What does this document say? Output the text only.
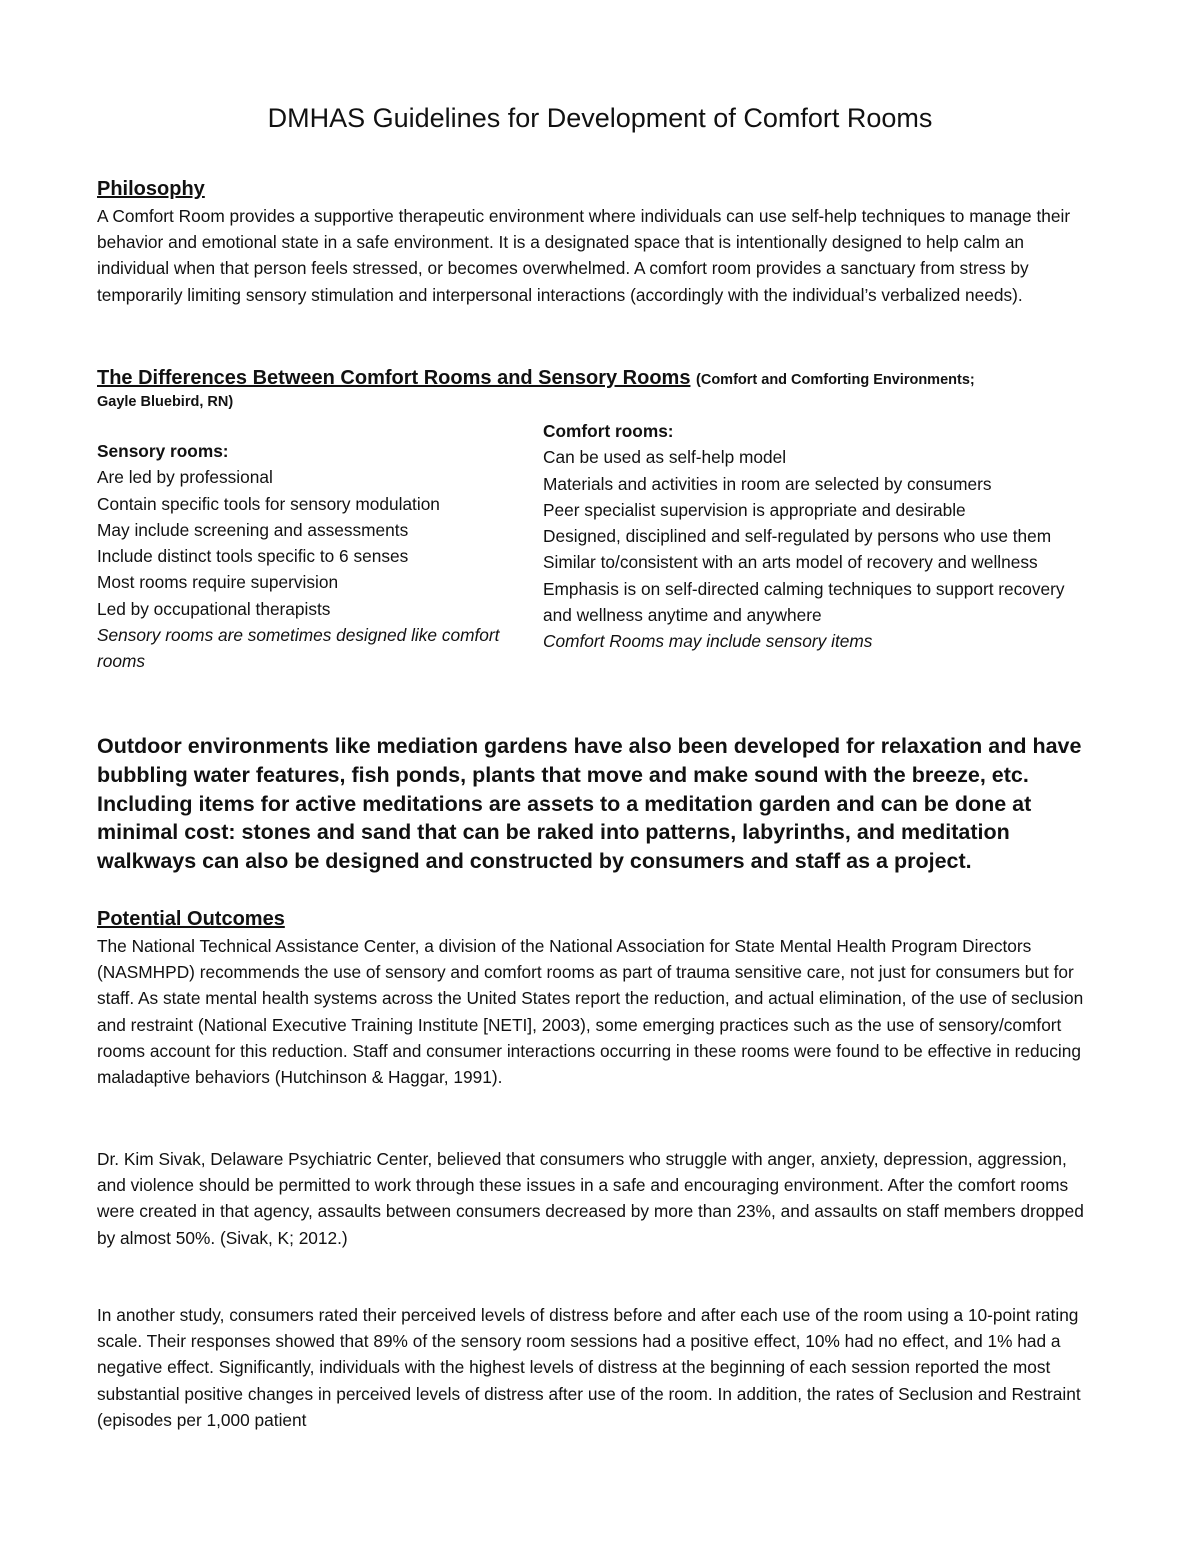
DMHAS Guidelines for Development of Comfort Rooms
Philosophy

A Comfort Room provides a supportive therapeutic environment where individuals can use self-help techniques to manage their behavior and emotional state in a safe environment. It is a designated space that is intentionally designed to help calm an individual when that person feels stressed, or becomes overwhelmed. A comfort room provides a sanctuary from stress by temporarily limiting sensory stimulation and interpersonal interactions (accordingly with the individual’s verbalized needs).

The Differences Between Comfort Rooms and Sensory Rooms (Comfort and Comforting Environments;
Gayle Bluebird, RN)
Sensory rooms:
Are led by professional
Contain specific tools for sensory modulation
May include screening and assessments
Include distinct tools specific to 6 senses
Most rooms require supervision
Led by occupational therapists
Sensory rooms are sometimes designed like comfort rooms
Comfort rooms:
Can be used as self-help model
Materials and activities in room are selected by consumers
Peer specialist supervision is appropriate and desirable
Designed, disciplined and self-regulated by persons who use them
Similar to/consistent with an arts model of recovery and wellness
Emphasis is on self-directed calming techniques to support recovery and wellness anytime and anywhere
Comfort Rooms may include sensory items

Outdoor environments like mediation gardens have also been developed for relaxation and have bubbling water features, fish ponds, plants that move and make sound with the breeze, etc. Including items for active meditations are assets to a meditation garden and can be done at minimal cost: stones and sand that can be raked into patterns, labyrinths, and meditation walkways can also be designed and constructed by consumers and staff as a project.

Potential Outcomes

The National Technical Assistance Center, a division of the National Association for State Mental Health Program Directors (NASMHPD) recommends the use of sensory and comfort rooms as part of trauma sensitive care, not just for consumers but for staff. As state mental health systems across the United States report the reduction, and actual elimination, of the use of seclusion and restraint (National Executive Training Institute [NETI], 2003), some emerging practices such as the use of sensory/comfort rooms account for this reduction. Staff and consumer interactions occurring in these rooms were found to be effective in reducing maladaptive behaviors (Hutchinson & Haggar, 1991).

Dr. Kim Sivak, Delaware Psychiatric Center, believed that consumers who struggle with anger, anxiety, depression, aggression, and violence should be permitted to work through these issues in a safe and encouraging environment. After the comfort rooms were created in that agency, assaults between consumers decreased by more than 23%, and assaults on staff members dropped by almost 50%. (Sivak, K; 2012.)

In another study, consumers rated their perceived levels of distress before and after each use of the room using a 10-point rating scale. Their responses showed that 89% of the sensory room sessions had a positive effect, 10% had no effect, and 1% had a negative effect. Significantly, individuals with the highest levels of distress at the beginning of each session reported the most substantial positive changes in perceived levels of distress after use of the room. In addition, the rates of Seclusion and Restraint (episodes per 1,000 patient
